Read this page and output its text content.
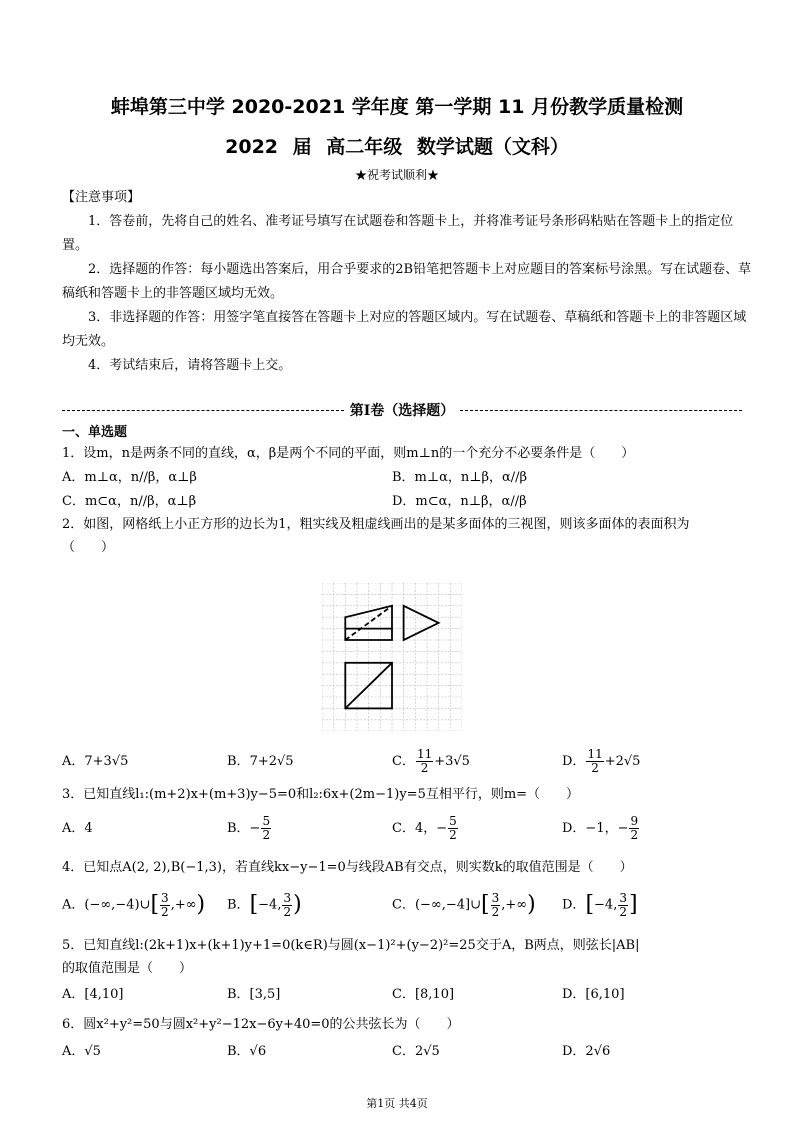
蚌埠第三中学 2020-2021 学年度 第一学期 11 月份教学质量检测
2022 届 高二年级 数学试题（文科）
★祝考试顺利★
【注意事项】
1．答卷前，先将自己的姓名、准考证号填写在试题卷和答题卡上，并将准考证号条形码粘贴在答题卡上的指定位置。
2．选择题的作答：每小题选出答案后，用合乎要求的2B铅笔把答题卡上对应题目的答案标号涂黑。写在试题卷、草稿纸和答题卡上的非答题区域均无效。
3．非选择题的作答：用签字笔直接答在答题卡上对应的答题区域内。写在试题卷、草稿纸和答题卡上的非答题区域均无效。
4．考试结束后，请将答题卡上交。
第Ⅰ卷（选择题）
一、单选题
1．设m，n是两条不同的直线，α，β是两个不同的平面，则m⊥n的一个充分不必要条件是（　　）
A．m⊥α，n//β，α⊥β	B．m⊥α，n⊥β，α//β
C．m⊂α，n//β，α⊥β	D．m⊂α，n⊥β，α//β
2．如图，网格纸上小正方形的边长为1，粗实线及粗虚线画出的是某多面体的三视图，则该多面体的表面积为
（　　）
A．7+3√5	B．7+2√5	C． $\frac{11}{2} +3√5$	D． $\frac{11}{2} +2√5$
3．已知直线l₁:(m+2)x+(m+3)y−5=0和l₂:6x+(2m−1)y=5互相平行，则m=（　　）
A．4	B．− $\frac{5}{2}$	C．4，− $\frac{5}{2}$	D．−1，− $\frac{9}{2}$
4．已知点A(2, 2),B(−1,3)，若直线kx−y−1=0与线段AB有交点，则实数k的取值范围是（　　）
A．(−∞,−4)∪[ $\frac{3}{2}$ ,+∞) B．[−4, $\frac{3}{2}$ )	C．(−∞,−4]∪[ $\frac{3}{2}$ ,+∞) D．[−4, $\frac{3}{2}$ ]
5．已知直线l:(2k+1)x+(k+1)y+1=0(k∈R)与圆(x−1)²+(y−2)²=25交于A，B两点，则弦长|AB|
的取值范围是（　　）
A．[4,10]	B．[3,5]	C．[8,10]	D．[6,10]
6．圆x²+y²=50与圆x²+y²−12x−6y+40=0的公共弦长为（　　）
A．√5	B．√6	C．2√5	D．2√6
第1页 共4页
